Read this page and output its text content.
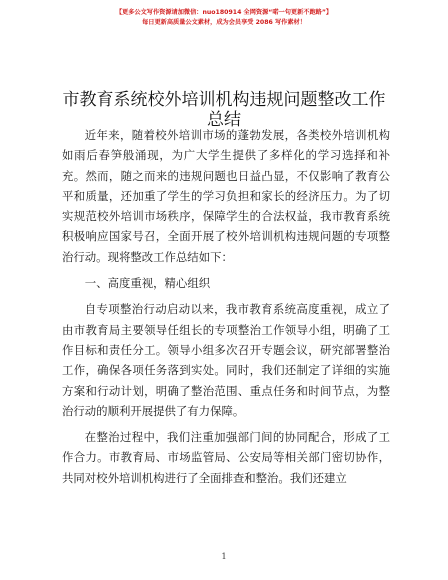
【更多公文写作资源请加微信：nuo180914 全网资源“喏一句更新不跑路”】
每日更新高质量公文素材，成为会员享受 2086 写作素材！
市教育系统校外培训机构违规问题整改工作总结

近年来，随着校外培训市场的蓬勃发展，各类校外培训机构如雨后春笋般涌现，为广大学生提供了多样化的学习选择和补充。然而，随之而来的违规问题也日益凸显，不仅影响了教育公平和质量，还加重了学生的学习负担和家长的经济压力。为了切实规范校外培训市场秩序，保障学生的合法权益，我市教育系统积极响应国家号召，全面开展了校外培训机构违规问题的专项整治行动。现将整改工作总结如下：

一、高度重视，精心组织

自专项整治行动启动以来，我市教育系统高度重视，成立了由市教育局主要领导任组长的专项整治工作领导小组，明确了工作目标和责任分工。领导小组多次召开专题会议，研究部署整治工作，确保各项任务落到实处。同时，我们还制定了详细的实施方案和行动计划，明确了整治范围、重点任务和时间节点，为整治行动的顺利开展提供了有力保障。

在整治过程中，我们注重加强部门间的协同配合，形成了工作合力。市教育局、市场监管局、公安局等相关部门密切协作，共同对校外培训机构进行了全面排查和整治。我们还建立

1
